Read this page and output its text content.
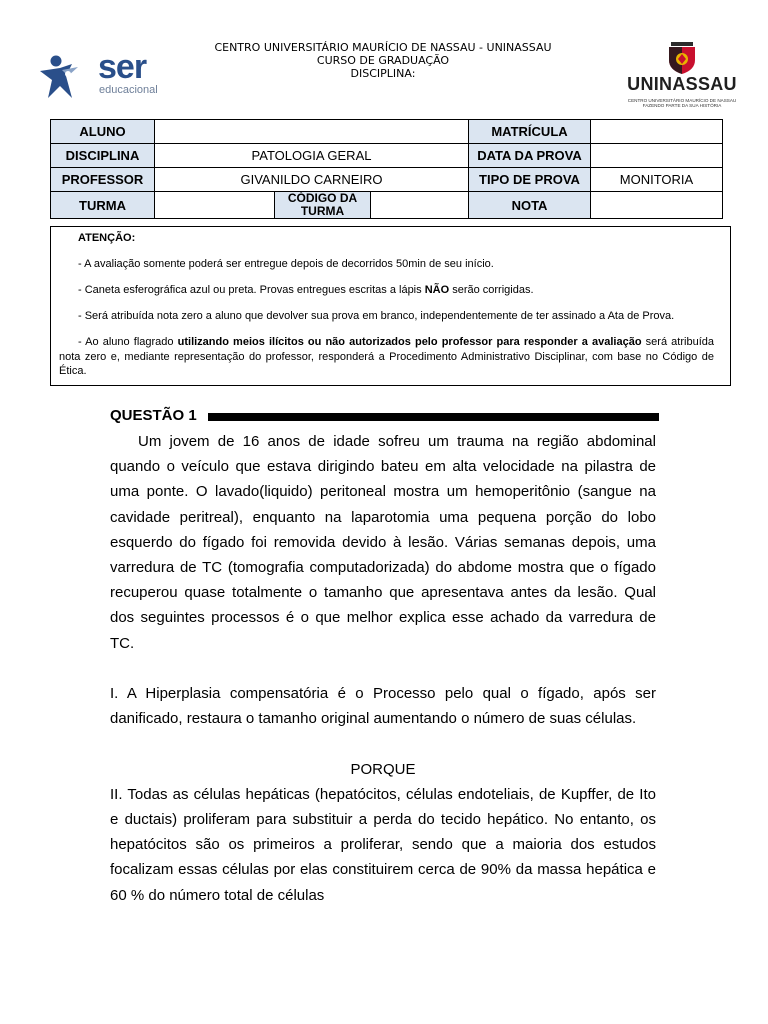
CENTRO UNIVERSITÁRIO MAURÍCIO DE NASSAU - UNINASSAU
CURSO DE GRADUAÇÃO
DISCIPLINA:
ser
educacional	UNINASSAU
CENTRO UNIVERSITÁRIO MAURÍCIO DE NASSAU
FAZENDO PARTE DA SUA HISTÓRIA
ALUNO				MATRÍCULA	
DISCIPLINA	PATOLOGIA GERAL			DATA DA PROVA	
PROFESSOR	GIVANILDO CARNEIRO			TIPO DE PROVA	MONITORIA
TURMA		CÓDIGO DA TURMA		NOTA	

ATENÇÃO:

- A avaliação somente poderá ser entregue depois de decorridos 50min de seu início.

- Caneta esferográfica azul ou preta. Provas entregues escritas a lápis NÃO serão corrigidas.

- Será atribuída nota zero a aluno que devolver sua prova em branco, independentemente de ter assinado a Ata de Prova.

- Ao aluno flagrado utilizando meios ilícitos ou não autorizados pelo professor para responder a avaliação será atribuída nota zero e, mediante representação do professor, responderá a Procedimento Administrativo Disciplinar, com base no Código de Ética.

QUESTÃO 1

Um jovem de 16 anos de idade sofreu um trauma na região abdominal quando o veículo que estava dirigindo bateu em alta velocidade na pilastra de uma ponte. O lavado(liquido) peritoneal mostra um hemoperitônio (sangue na cavidade peritreal), enquanto na laparotomia uma pequena porção do lobo esquerdo do fígado foi removida devido à lesão. Várias semanas depois, uma varredura de TC (tomografia computadorizada) do abdome mostra que o fígado recuperou quase totalmente o tamanho que apresentava antes da lesão. Qual dos seguintes processos é o que melhor explica esse achado da varredura de TC.

I. A Hiperplasia compensatória é o Processo pelo qual o fígado, após ser danificado, restaura o tamanho original aumentando o número de suas células.

PORQUE

II. Todas as células hepáticas (hepatócitos, células endoteliais, de Kupffer, de Ito e ductais) proliferam para substituir a perda do tecido hepático. No entanto, os hepatócitos são os primeiros a proliferar, sendo que a maioria dos estudos focalizam essas células por elas constituirem cerca de 90% da massa hepática e 60 % do número total de células
